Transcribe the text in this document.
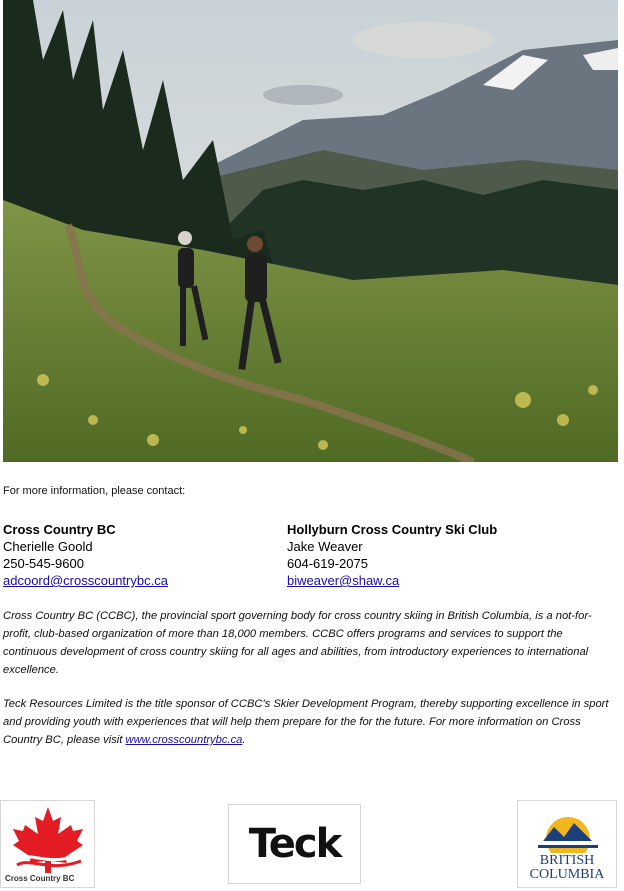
For more information, please contact:
Cross Country BC
Cherielle Goold
250-545-9600
adcoord@crosscountrybc.ca
Hollyburn Cross Country Ski Club
Jake Weaver
604-619-2075
biweaver@shaw.ca

Cross Country BC (CCBC), the provincial sport governing body for cross country skiing in British Columbia, is a not-for-profit, club-based organization of more than 18,000 members. CCBC offers programs and services to support the continuous development of cross country skiing for all ages and abilities, from introductory experiences to international excellence.

Teck Resources Limited is the title sponsor of CCBC's Skier Development Program, thereby supporting excellence in sport and providing youth with experiences that will help them prepare for the for the future. For more information on Cross Country BC, please visit www.crosscountrybc.ca.

Cross Country BC
Teck	BRITISH
COLUMBIA
